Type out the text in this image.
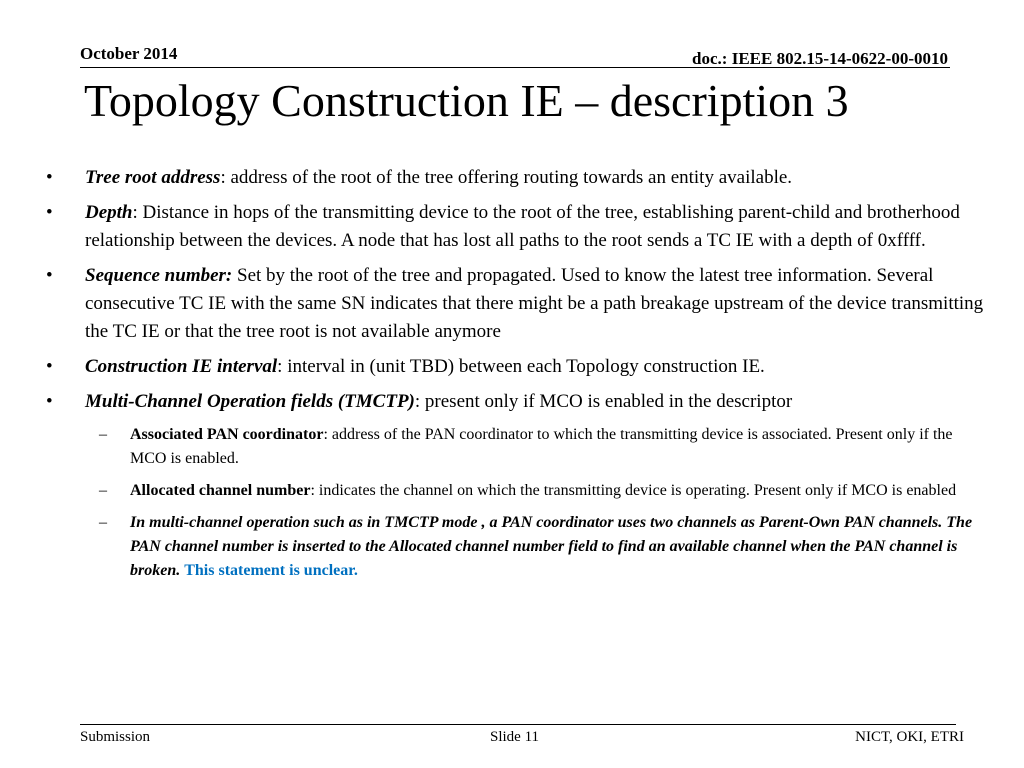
October 2014	doc.: IEEE 802.15-14-0622-00-0010
Topology Construction IE – description 3
• Tree root address: address of the root of the tree offering routing towards an entity available.
• Depth: Distance in hops of the transmitting device to the root of the tree, establishing parent-child and brotherhood relationship between the devices. A node that has lost all paths to the root sends a TC IE with a depth of 0xffff.
• Sequence number: Set by the root of the tree and propagated. Used to know the latest tree information. Several consecutive TC IE with the same SN indicates that there might be a path breakage upstream of the device transmitting the TC IE or that the tree root is not available anymore
• Construction IE interval: interval in (unit TBD) between each Topology construction IE.
• Multi-Channel Operation fields (TMCTP): present only if MCO is enabled in the descriptor
– Associated PAN coordinator: address of the PAN coordinator to which the transmitting device is associated. Present only if the MCO is enabled.
– Allocated channel number: indicates the channel on which the transmitting device is operating. Present only if MCO is enabled
– In multi-channel operation such as in TMCTP mode , a PAN coordinator uses two channels as Parent-Own PAN channels. The PAN channel number is inserted to the Allocated channel number field to find an available channel when the PAN channel is broken. This statement is unclear.
Submission	Slide 11	NICT, OKI, ETRI
